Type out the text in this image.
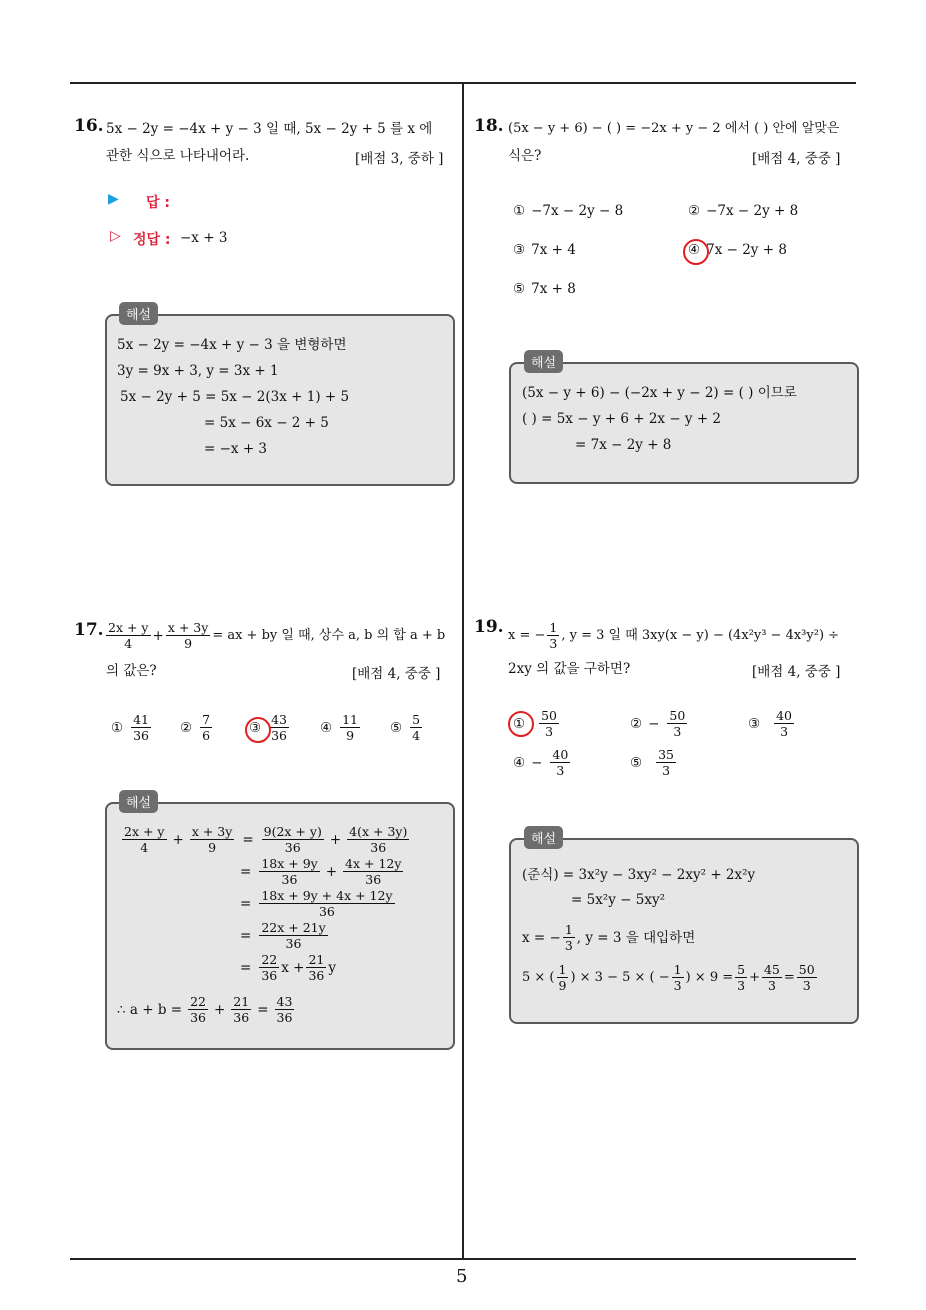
5
16. 5x − 2y = −4x + y − 3 일 때, 5x − 2y + 5 를 x 에
관한 식으로 나타내어라.	[배점 3, 중하 ]
▶ 답 :
▷ 정답 : −x + 3
해설
5x − 2y = −4x + y − 3 을 변형하면
3y = 9x + 3, y = 3x + 1
5x − 2y + 5 = 5x − 2(3x + 1) + 5
= 5x − 6x − 2 + 5
= −x + 3
18. (5x − y + 6) − ( ) = −2x + y − 2 에서 ( ) 안에 알맞은
식은?	[배점 4, 중중 ]
① −7x − 2y − 8	② −7x − 2y + 8
③ 7x + 4	④ 7x − 2y + 8
⑤ 7x + 8
해설
(5x − y + 6) − (−2x + y − 2) = ( ) 이므로
( ) = 5x − y + 6 + 2x − y + 2
= 7x − 2y + 8
17. $\frac{2x + y}{4} + \frac{x + 3y}{9}$ = ax + by 일 때, 상수 a, b 의 합 a + b
의 값은?	[배점 4, 중중 ]
① $\frac{41}{36}$ ② $\frac{7}{6}$	③ $\frac{43}{36}$ ④ $\frac{11}{9}$ ⑤ $\frac{5}{4}$
해설
$\frac{2x + y}{4} + \frac{x + 3y}{9} = \frac{9(2x + y)}{36} + \frac{4(x + 3y)}{36}$
= $\frac{18x + 9y}{36} + \frac{4x + 12y}{36}$
= $\frac{18x + 9y + 4x + 12y}{36}$
= $\frac{22x + 21y}{36}$
= $\frac{22}{36}$ $x + \frac{21}{36}$ y
∴ $a + b = \frac{22}{36} + \frac{21}{36} = \frac{43}{36}$
19. x = − $\frac{1}{3}$ , y = 3 일 때 3xy(x − y) − (4x²y³ − 4x³y²) ÷
2xy 의 값을 구하면?	[배점 4, 중중 ]
① $\frac{50}{3}$	② − $\frac{50}{3}$	③ $\frac{40}{3}$
④ − $\frac{40}{3}$	⑤ $\frac{35}{3}$
해설
(준식) = 3x²y − 3xy² − 2xy² + 2x²y
= 5x²y − 5xy²
x = − $\frac{1}{3}$ , y = 3 을 대입하면
5 × ( $\frac{1}{9}$ ) × 3 − 5 × ( − $\frac{1}{3}$ ) × $9 = \frac{5}{3} + \frac{45}{3} = \frac{50}{3}$
